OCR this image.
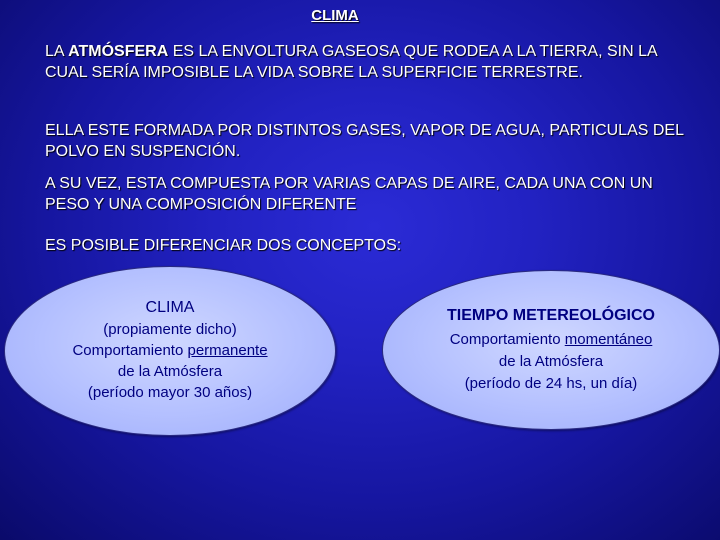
CLIMA

LA ATMÓSFERA ES LA ENVOLTURA GASEOSA QUE RODEA A LA TIERRA, SIN LA CUAL SERÍA IMPOSIBLE LA VIDA SOBRE LA SUPERFICIE TERRESTRE.

ELLA ESTE FORMADA POR DISTINTOS GASES, VAPOR DE AGUA, PARTICULAS DEL POLVO EN SUSPENCIÓN.

A SU VEZ, ESTA COMPUESTA POR VARIAS CAPAS DE AIRE, CADA UNA CON UN PESO Y UNA COMPOSICIÓN DIFERENTE

ES POSIBLE DIFERENCIAR DOS CONCEPTOS:

CLIMA
(propiamente dicho)
Comportamiento permanente
de la Atmósfera
(período mayor 30 años)
TIEMPO METEREOLÓGICO
Comportamiento momentáneo
de la Atmósfera
(período de 24 hs, un día)
